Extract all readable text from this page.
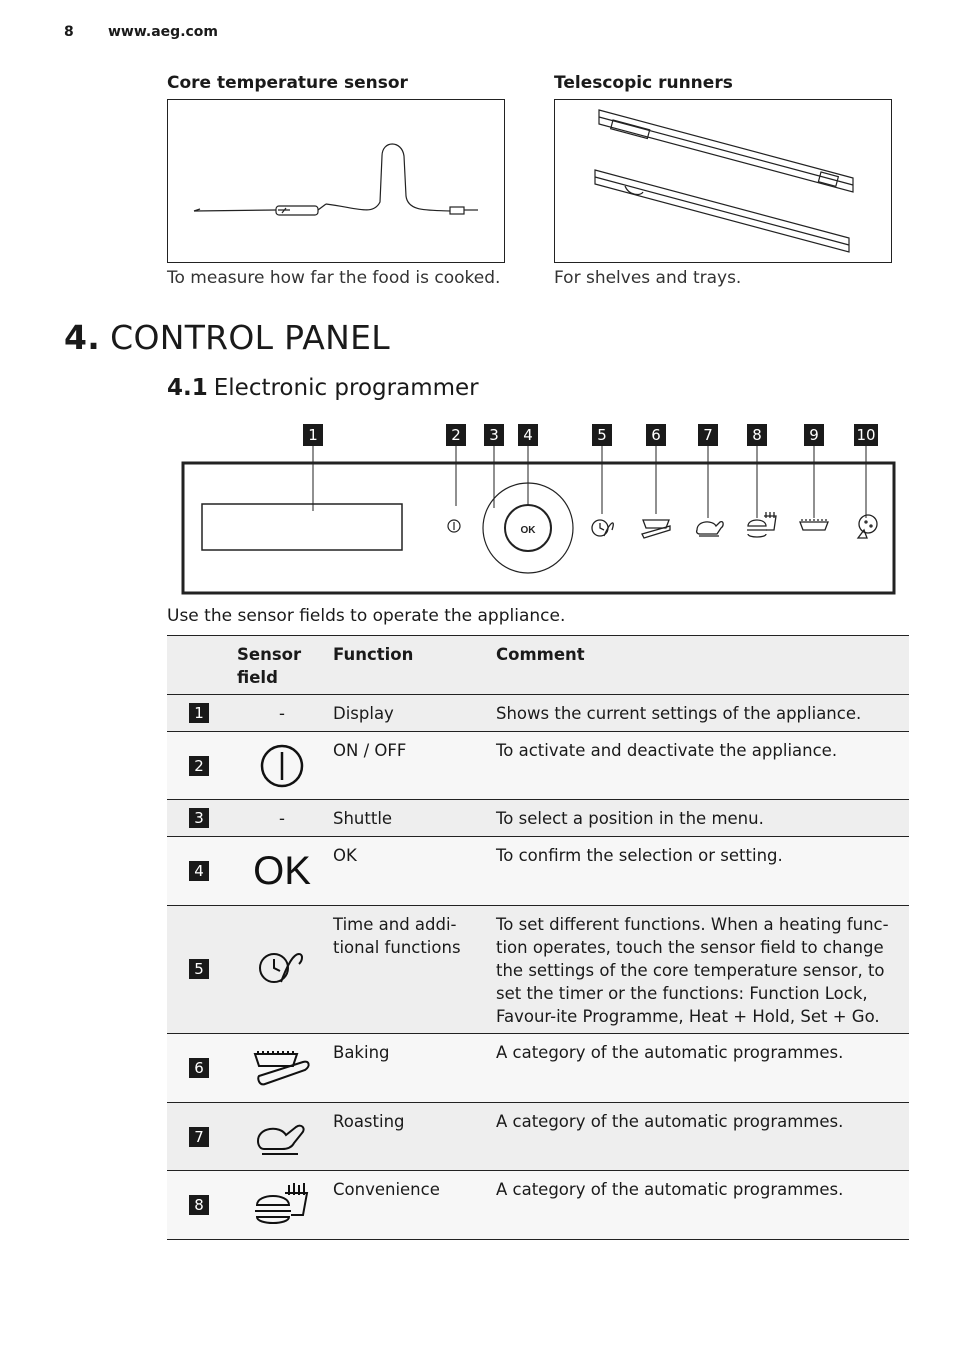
8 www.aeg.com
Core temperature sensor
To measure how far the food is cooked.
Telescopic runners
For shelves and trays.
4. CONTROL PANEL
4.1 Electronic programmer
1	2	3	4	5	6	7	8	9	10
OK
Use the sensor fields to operate the appliance.
	Sensor field	Function	Comment

1	-	Display	Shows the current settings of the appliance.

2		ON / OFF	To activate and deactivate the appliance.

3	-	Shuttle	To select a position in the menu.

4	OK	OK	To confirm the selection or setting.

5		Time and addi-tional functions	To set different functions. When a heating func-tion operates, touch the sensor field to change the settings of the core temperature sensor, to set the timer or the functions: Function Lock, Favour-ite Programme, Heat + Hold, Set + Go.

6		Baking	A category of the automatic programmes.

7		Roasting	A category of the automatic programmes.

8		Convenience	A category of the automatic programmes.
